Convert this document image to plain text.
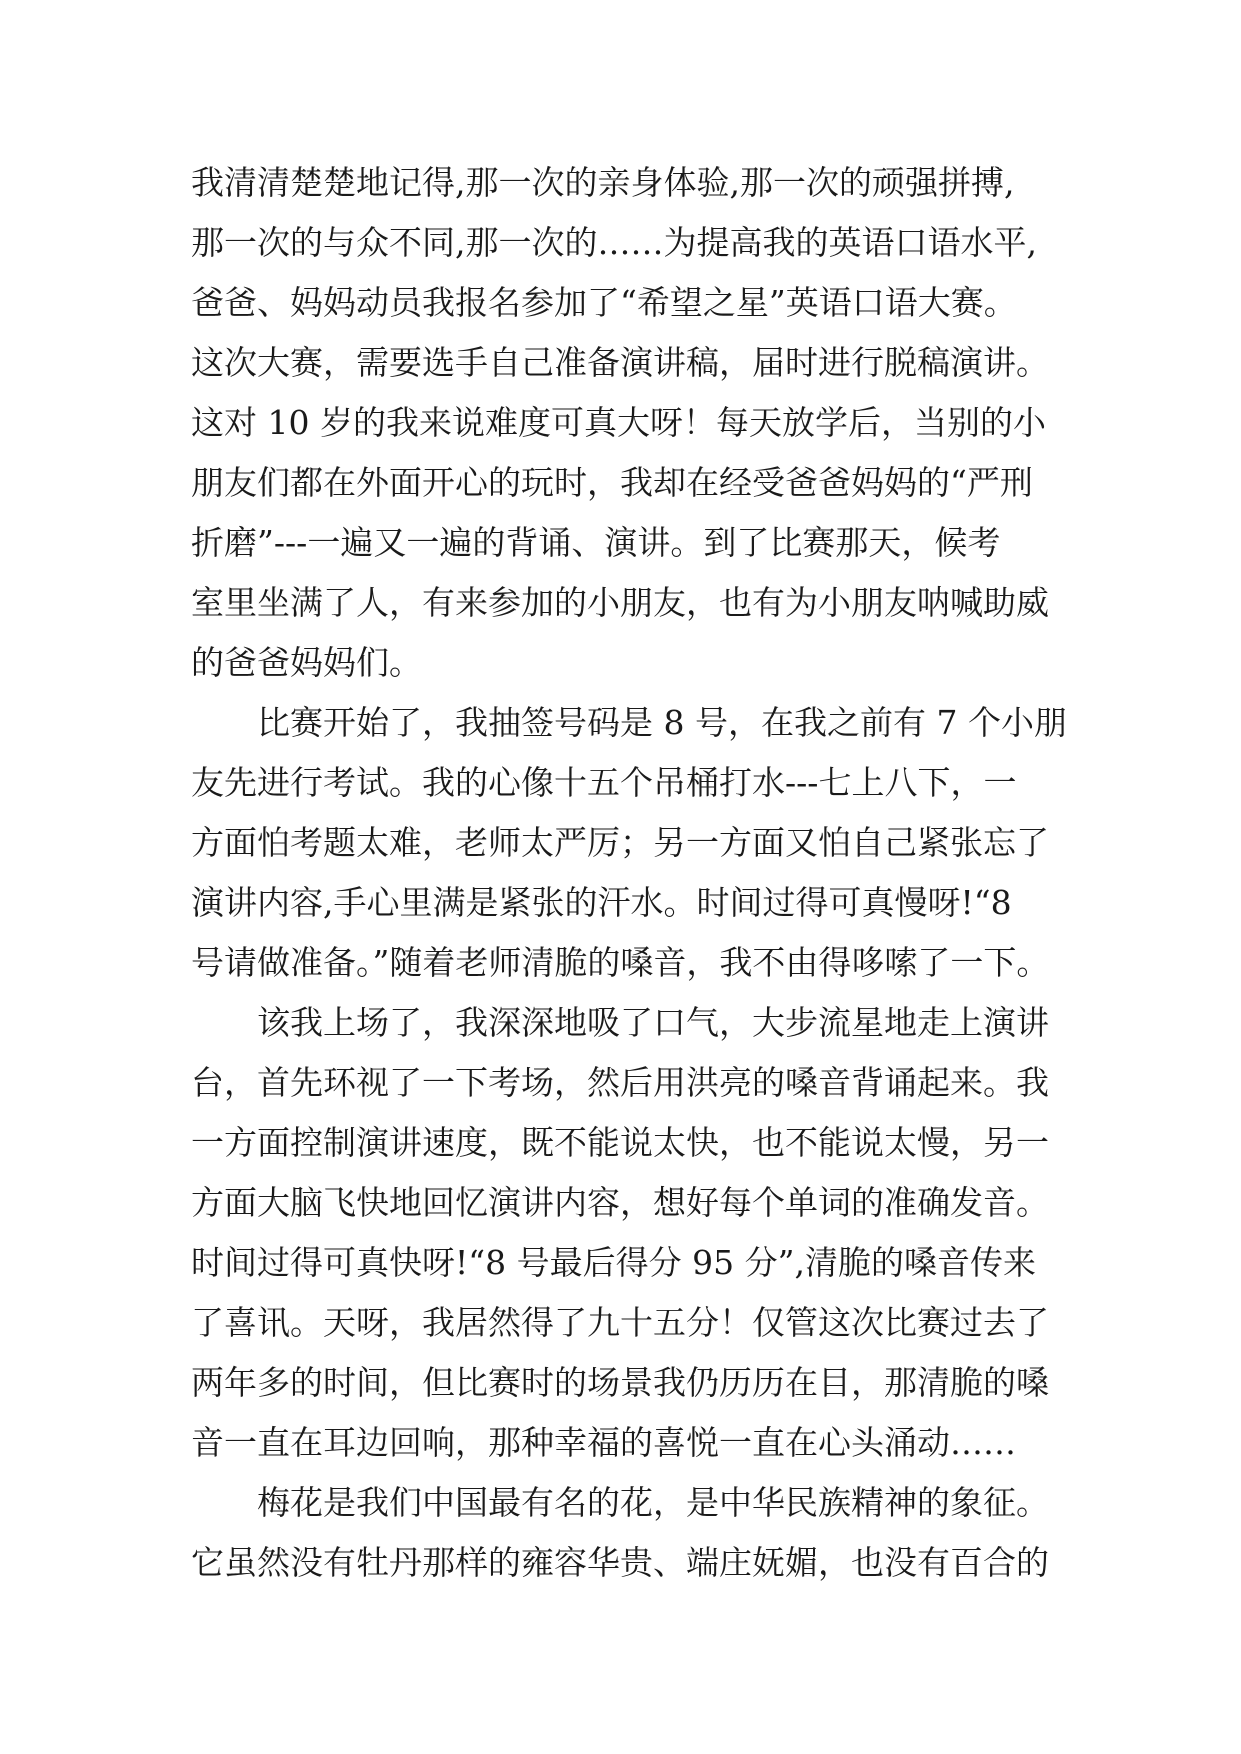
我清清楚楚地记得,那一次的亲身体验,那一次的顽强拼搏,
那一次的与众不同,那一次的……为提高我的英语口语水平,
爸爸、妈妈动员我报名参加了“希望之星”英语口语大赛。
这次大赛，需要选手自己准备演讲稿，届时进行脱稿演讲。
这对 10 岁的我来说难度可真大呀！每天放学后，当别的小
朋友们都在外面开心的玩时，我却在经受爸爸妈妈的“严刑
折磨”---一遍又一遍的背诵、演讲。到了比赛那天，候考
室里坐满了人，有来参加的小朋友，也有为小朋友呐喊助威
的爸爸妈妈们。
比赛开始了，我抽签号码是 8 号，在我之前有 7 个小朋
友先进行考试。我的心像十五个吊桶打水---七上八下，一
方面怕考题太难，老师太严厉；另一方面又怕自己紧张忘了
演讲内容,手心里满是紧张的汗水。时间过得可真慢呀!“8
号请做准备。”随着老师清脆的嗓音，我不由得哆嗦了一下。
该我上场了，我深深地吸了口气，大步流星地走上演讲
台，首先环视了一下考场，然后用洪亮的嗓音背诵起来。我
一方面控制演讲速度，既不能说太快，也不能说太慢，另一
方面大脑飞快地回忆演讲内容，想好每个单词的准确发音。
时间过得可真快呀!“8 号最后得分 95 分”,清脆的嗓音传来
了喜讯。天呀，我居然得了九十五分！仅管这次比赛过去了
两年多的时间，但比赛时的场景我仍历历在目，那清脆的嗓
音一直在耳边回响，那种幸福的喜悦一直在心头涌动……
梅花是我们中国最有名的花，是中华民族精神的象征。
它虽然没有牡丹那样的雍容华贵、端庄妩媚，也没有百合的
